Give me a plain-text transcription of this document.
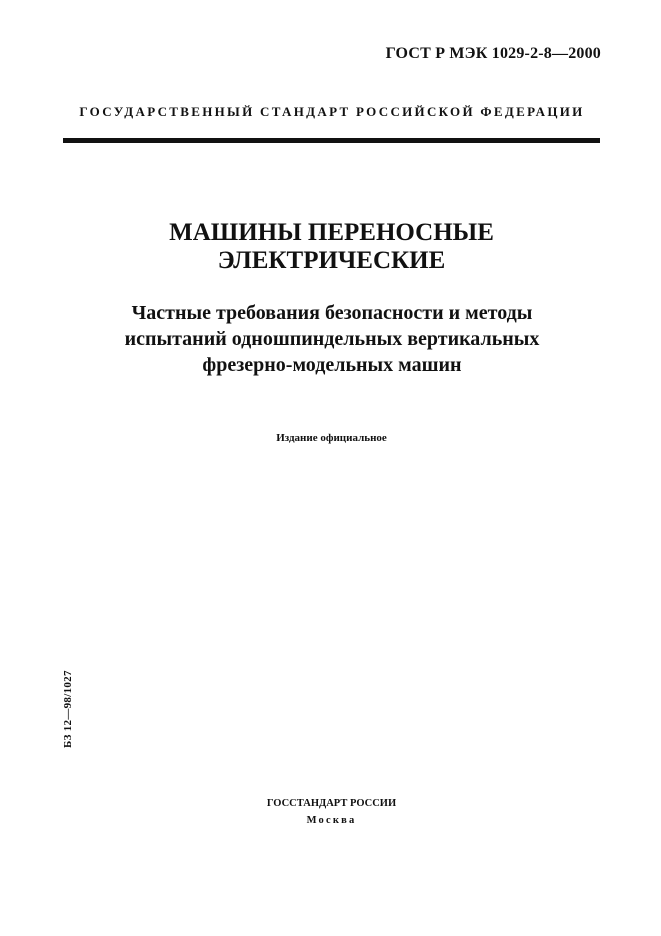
ГОСТ Р МЭК 1029-2-8—2000
ГОСУДАРСТВЕННЫЙ СТАНДАРТ РОССИЙСКОЙ ФЕДЕРАЦИИ
МАШИНЫ ПЕРЕНОСНЫЕ
ЭЛЕКТРИЧЕСКИЕ
Частные требования безопасности и методы
испытаний одношпиндельных вертикальных
фрезерно-модельных машин
Издание официальное
БЗ 12—98/1027
ГОССТАНДАРТ РОССИИ
Москва
